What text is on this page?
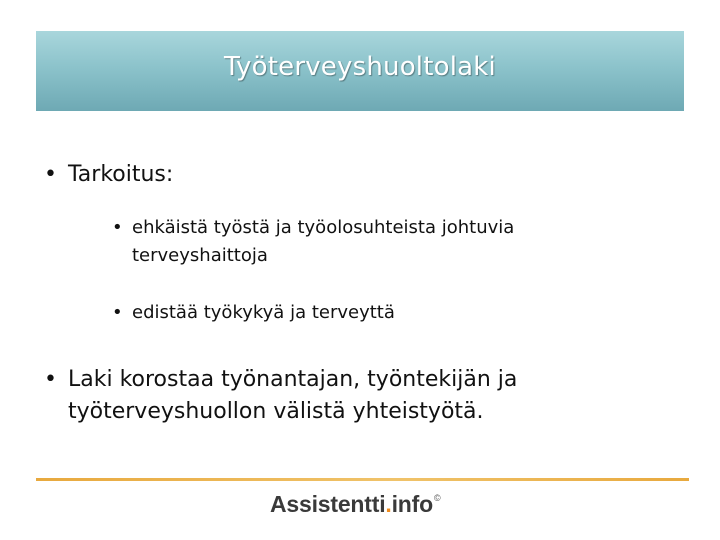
Työterveyshuoltolaki
• Tarkoitus:
• ehkäistä työstä ja työolosuhteista johtuvia terveyshaittoja
• edistää työkykyä ja terveyttä
• Laki korostaa työnantajan, työntekijän ja työterveyshuollon välistä yhteistyötä.
Assistentti . info ©
